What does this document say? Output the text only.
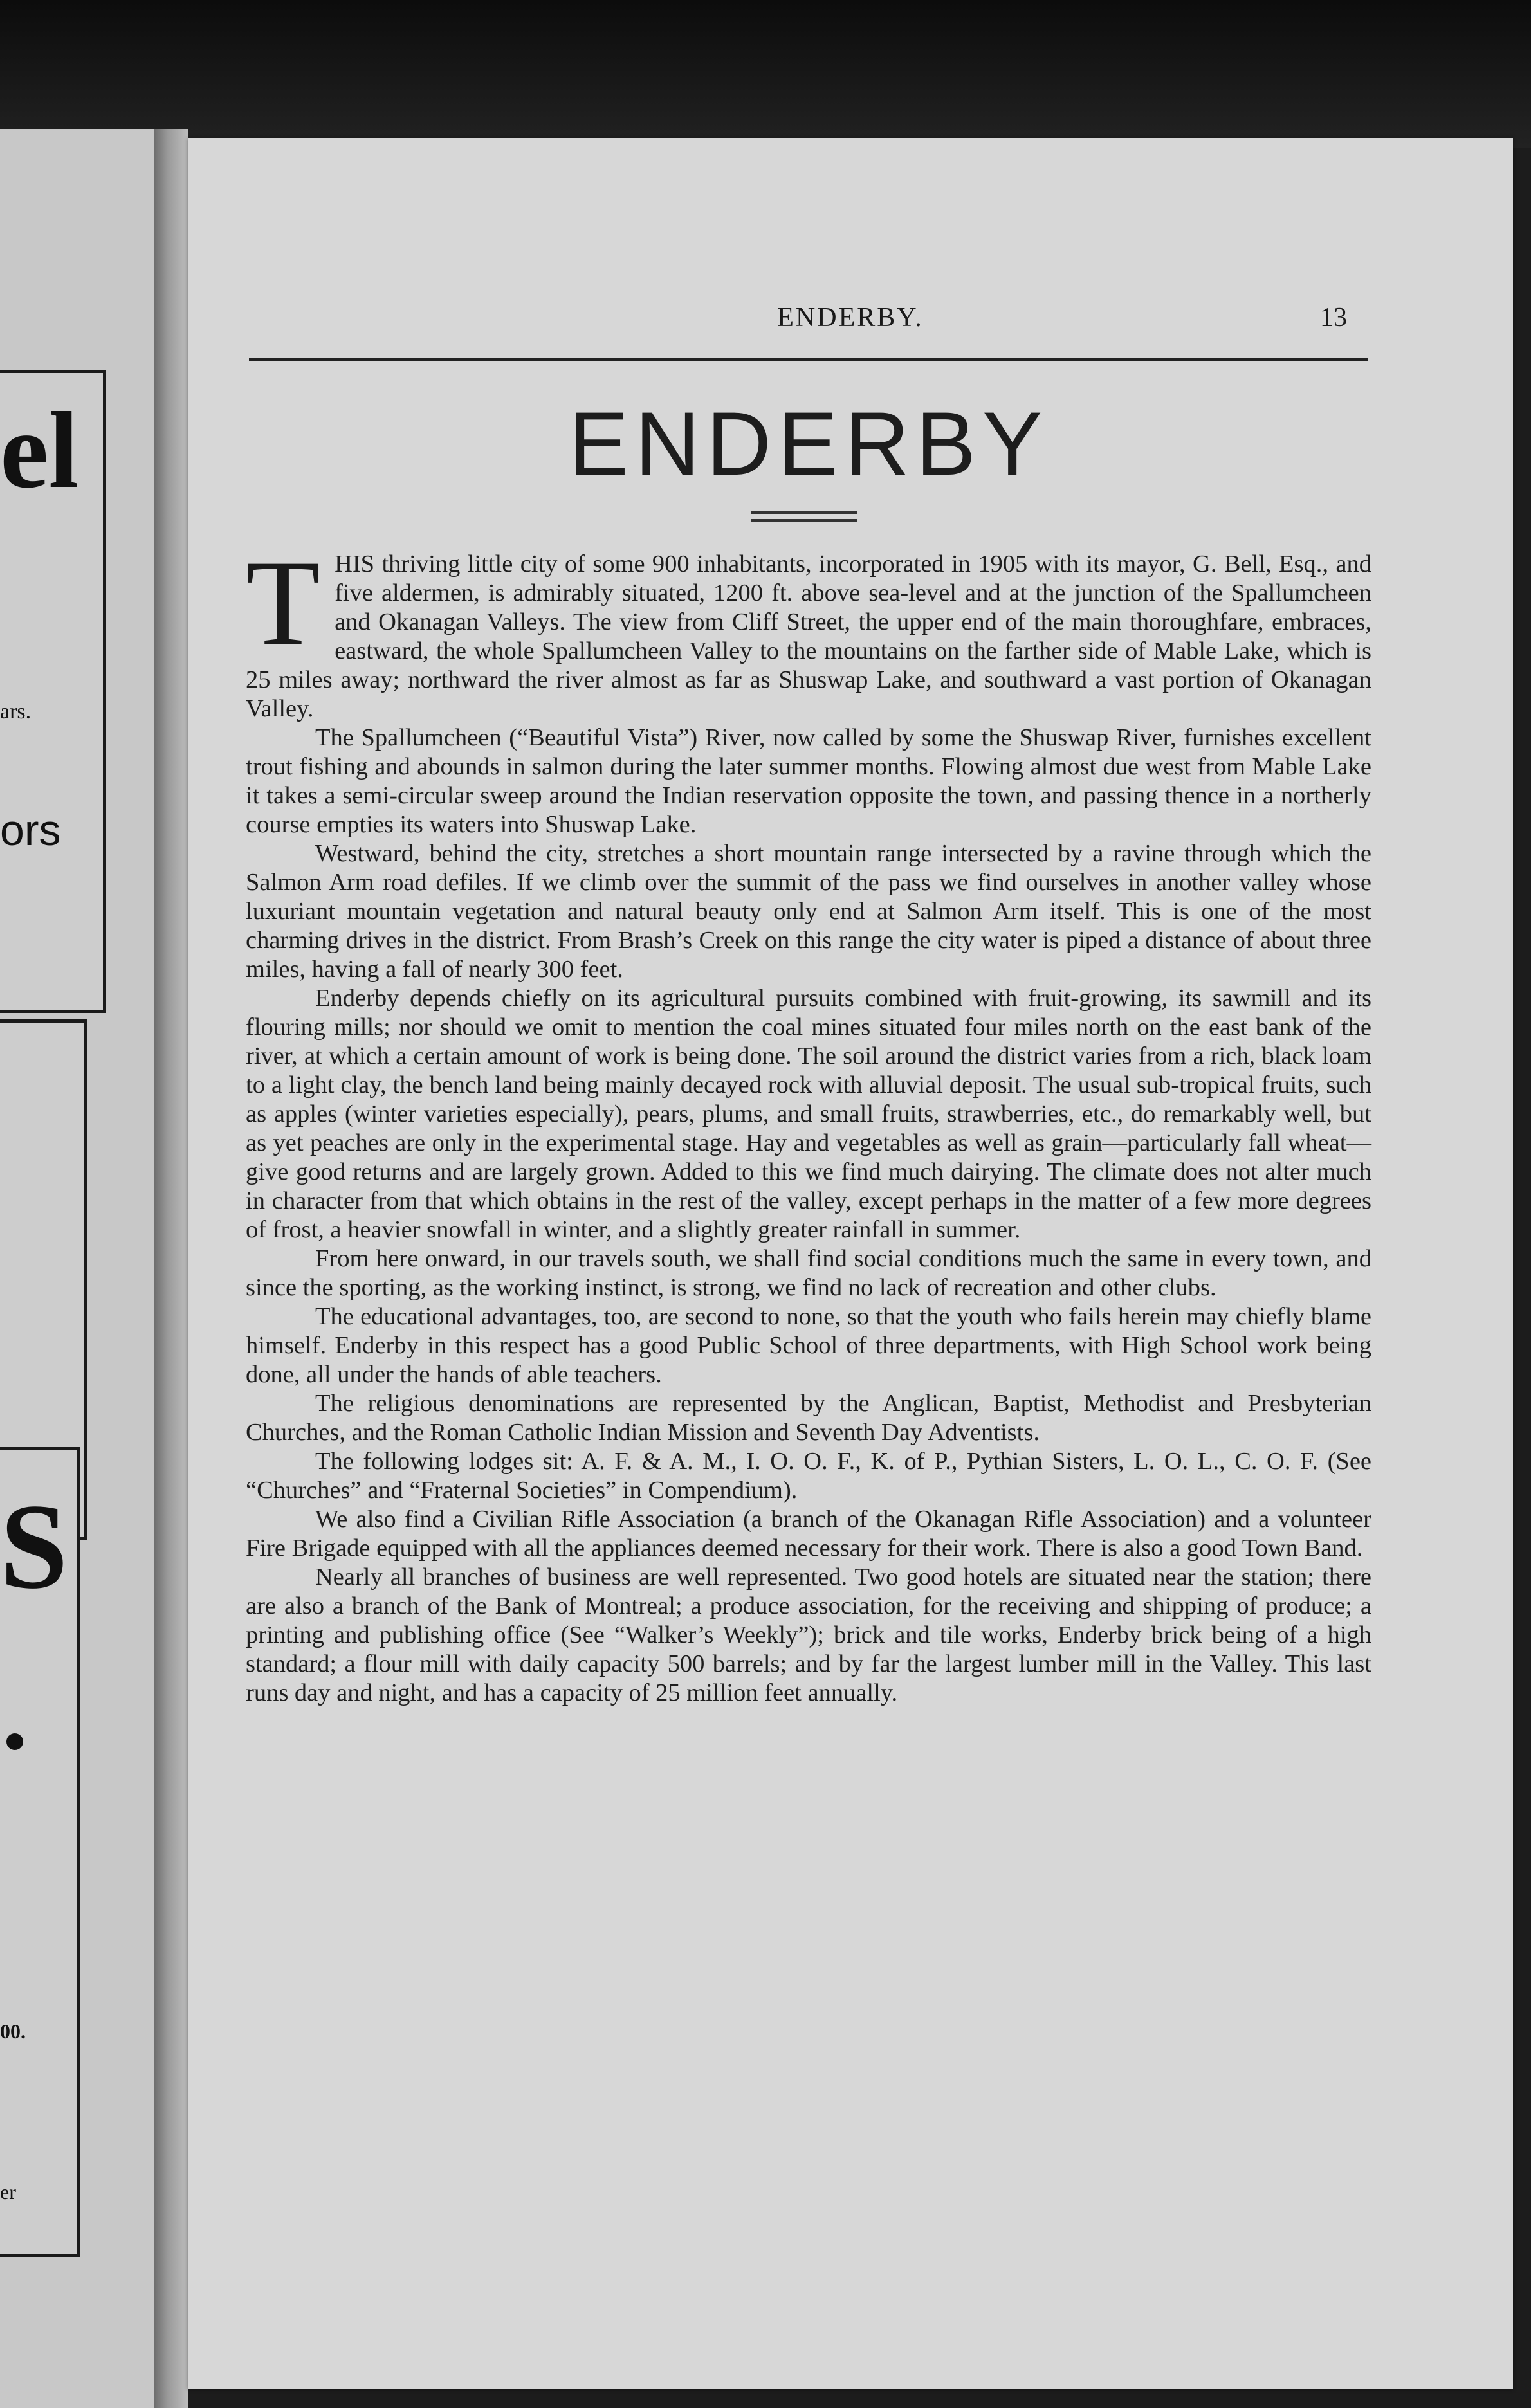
el
ars.
ors
S
00.
er
ENDERBY.	13
ENDERBY

THIS thriving little city of some 900 inhabitants, incorporated in 1905 with its mayor, G. Bell, Esq., and five aldermen, is admirably situated, 1200 ft. above sea-level and at the junction of the Spallumcheen and Okanagan Valleys. The view from Cliff Street, the upper end of the main thoroughfare, embraces, eastward, the whole Spallumcheen Valley to the mountains on the farther side of Mable Lake, which is 25 miles away; northward the river almost as far as Shuswap Lake, and southward a vast portion of Okanagan Valley.

The Spallumcheen (“Beautiful Vista”) River, now called by some the Shuswap River, furnishes excellent trout fishing and abounds in salmon during the later summer months. Flowing almost due west from Mable Lake it takes a semi-circular sweep around the Indian reservation opposite the town, and passing thence in a northerly course empties its waters into Shuswap Lake.

Westward, behind the city, stretches a short mountain range intersected by a ravine through which the Salmon Arm road defiles. If we climb over the summit of the pass we find ourselves in another valley whose luxuriant mountain vegetation and natural beauty only end at Salmon Arm itself. This is one of the most charming drives in the district. From Brash’s Creek on this range the city water is piped a distance of about three miles, having a fall of nearly 300 feet.

Enderby depends chiefly on its agricultural pursuits combined with fruit-growing, its sawmill and its flouring mills; nor should we omit to mention the coal mines situated four miles north on the east bank of the river, at which a certain amount of work is being done. The soil around the district varies from a rich, black loam to a light clay, the bench land being mainly decayed rock with alluvial deposit. The usual sub-tropical fruits, such as apples (winter varieties especially), pears, plums, and small fruits, strawberries, etc., do remarkably well, but as yet peaches are only in the experimental stage. Hay and vegetables as well as grain—particularly fall wheat—give good returns and are largely grown. Added to this we find much dairying. The climate does not alter much in character from that which obtains in the rest of the valley, except perhaps in the matter of a few more degrees of frost, a heavier snowfall in winter, and a slightly greater rainfall in summer.

From here onward, in our travels south, we shall find social conditions much the same in every town, and since the sporting, as the working instinct, is strong, we find no lack of recreation and other clubs.

The educational advantages, too, are second to none, so that the youth who fails herein may chiefly blame himself. Enderby in this respect has a good Public School of three departments, with High School work being done, all under the hands of able teachers.

The religious denominations are represented by the Anglican, Baptist, Methodist and Presbyterian Churches, and the Roman Catholic Indian Mission and Seventh Day Adventists.

The following lodges sit: A. F. & A. M., I. O. O. F., K. of P., Pythian Sisters, L. O. L., C. O. F. (See “Churches” and “Fraternal Societies” in Compendium).

We also find a Civilian Rifle Association (a branch of the Okanagan Rifle Association) and a volunteer Fire Brigade equipped with all the appliances deemed necessary for their work. There is also a good Town Band.

Nearly all branches of business are well represented. Two good hotels are situated near the station; there are also a branch of the Bank of Montreal; a produce association, for the receiving and shipping of produce; a printing and publishing office (See “Walker’s Weekly”); brick and tile works, Enderby brick being of a high standard; a flour mill with daily capacity 500 barrels; and by far the largest lumber mill in the Valley. This last runs day and night, and has a capacity of 25 million feet annually.
